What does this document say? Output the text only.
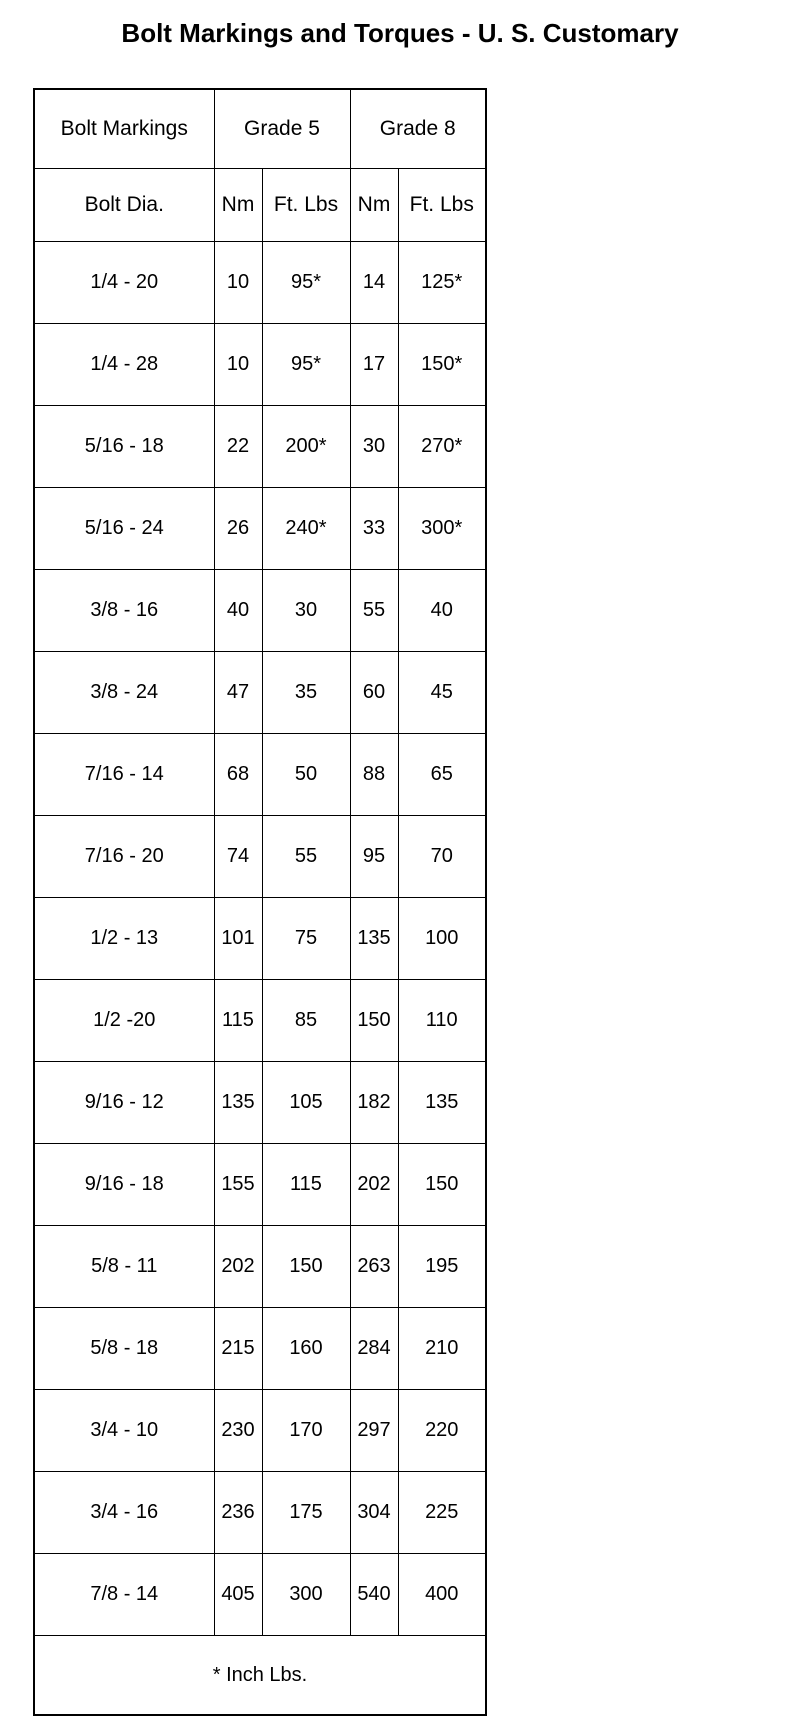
Bolt Markings and Torques - U. S. Customary
Bolt Markings	Grade 5		Grade 8	
Bolt Dia.	Nm	Ft. Lbs	Nm	Ft. Lbs
1/4 - 20	10	95*	14	125*
1/4 - 28	10	95*	17	150*
5/16 - 18	22	200*	30	270*
5/16 - 24	26	240*	33	300*
3/8 - 16	40	30	55	40
3/8 - 24	47	35	60	45
7/16 - 14	68	50	88	65
7/16 - 20	74	55	95	70
1/2 - 13	101	75	135	100
1/2 -20	115	85	150	110
9/16 - 12	135	105	182	135
9/16 - 18	155	115	202	150
5/8 - 11	202	150	263	195
5/8 - 18	215	160	284	210
3/4 - 10	230	170	297	220
3/4 - 16	236	175	304	225
7/8 - 14	405	300	540	400
* Inch Lbs.				
